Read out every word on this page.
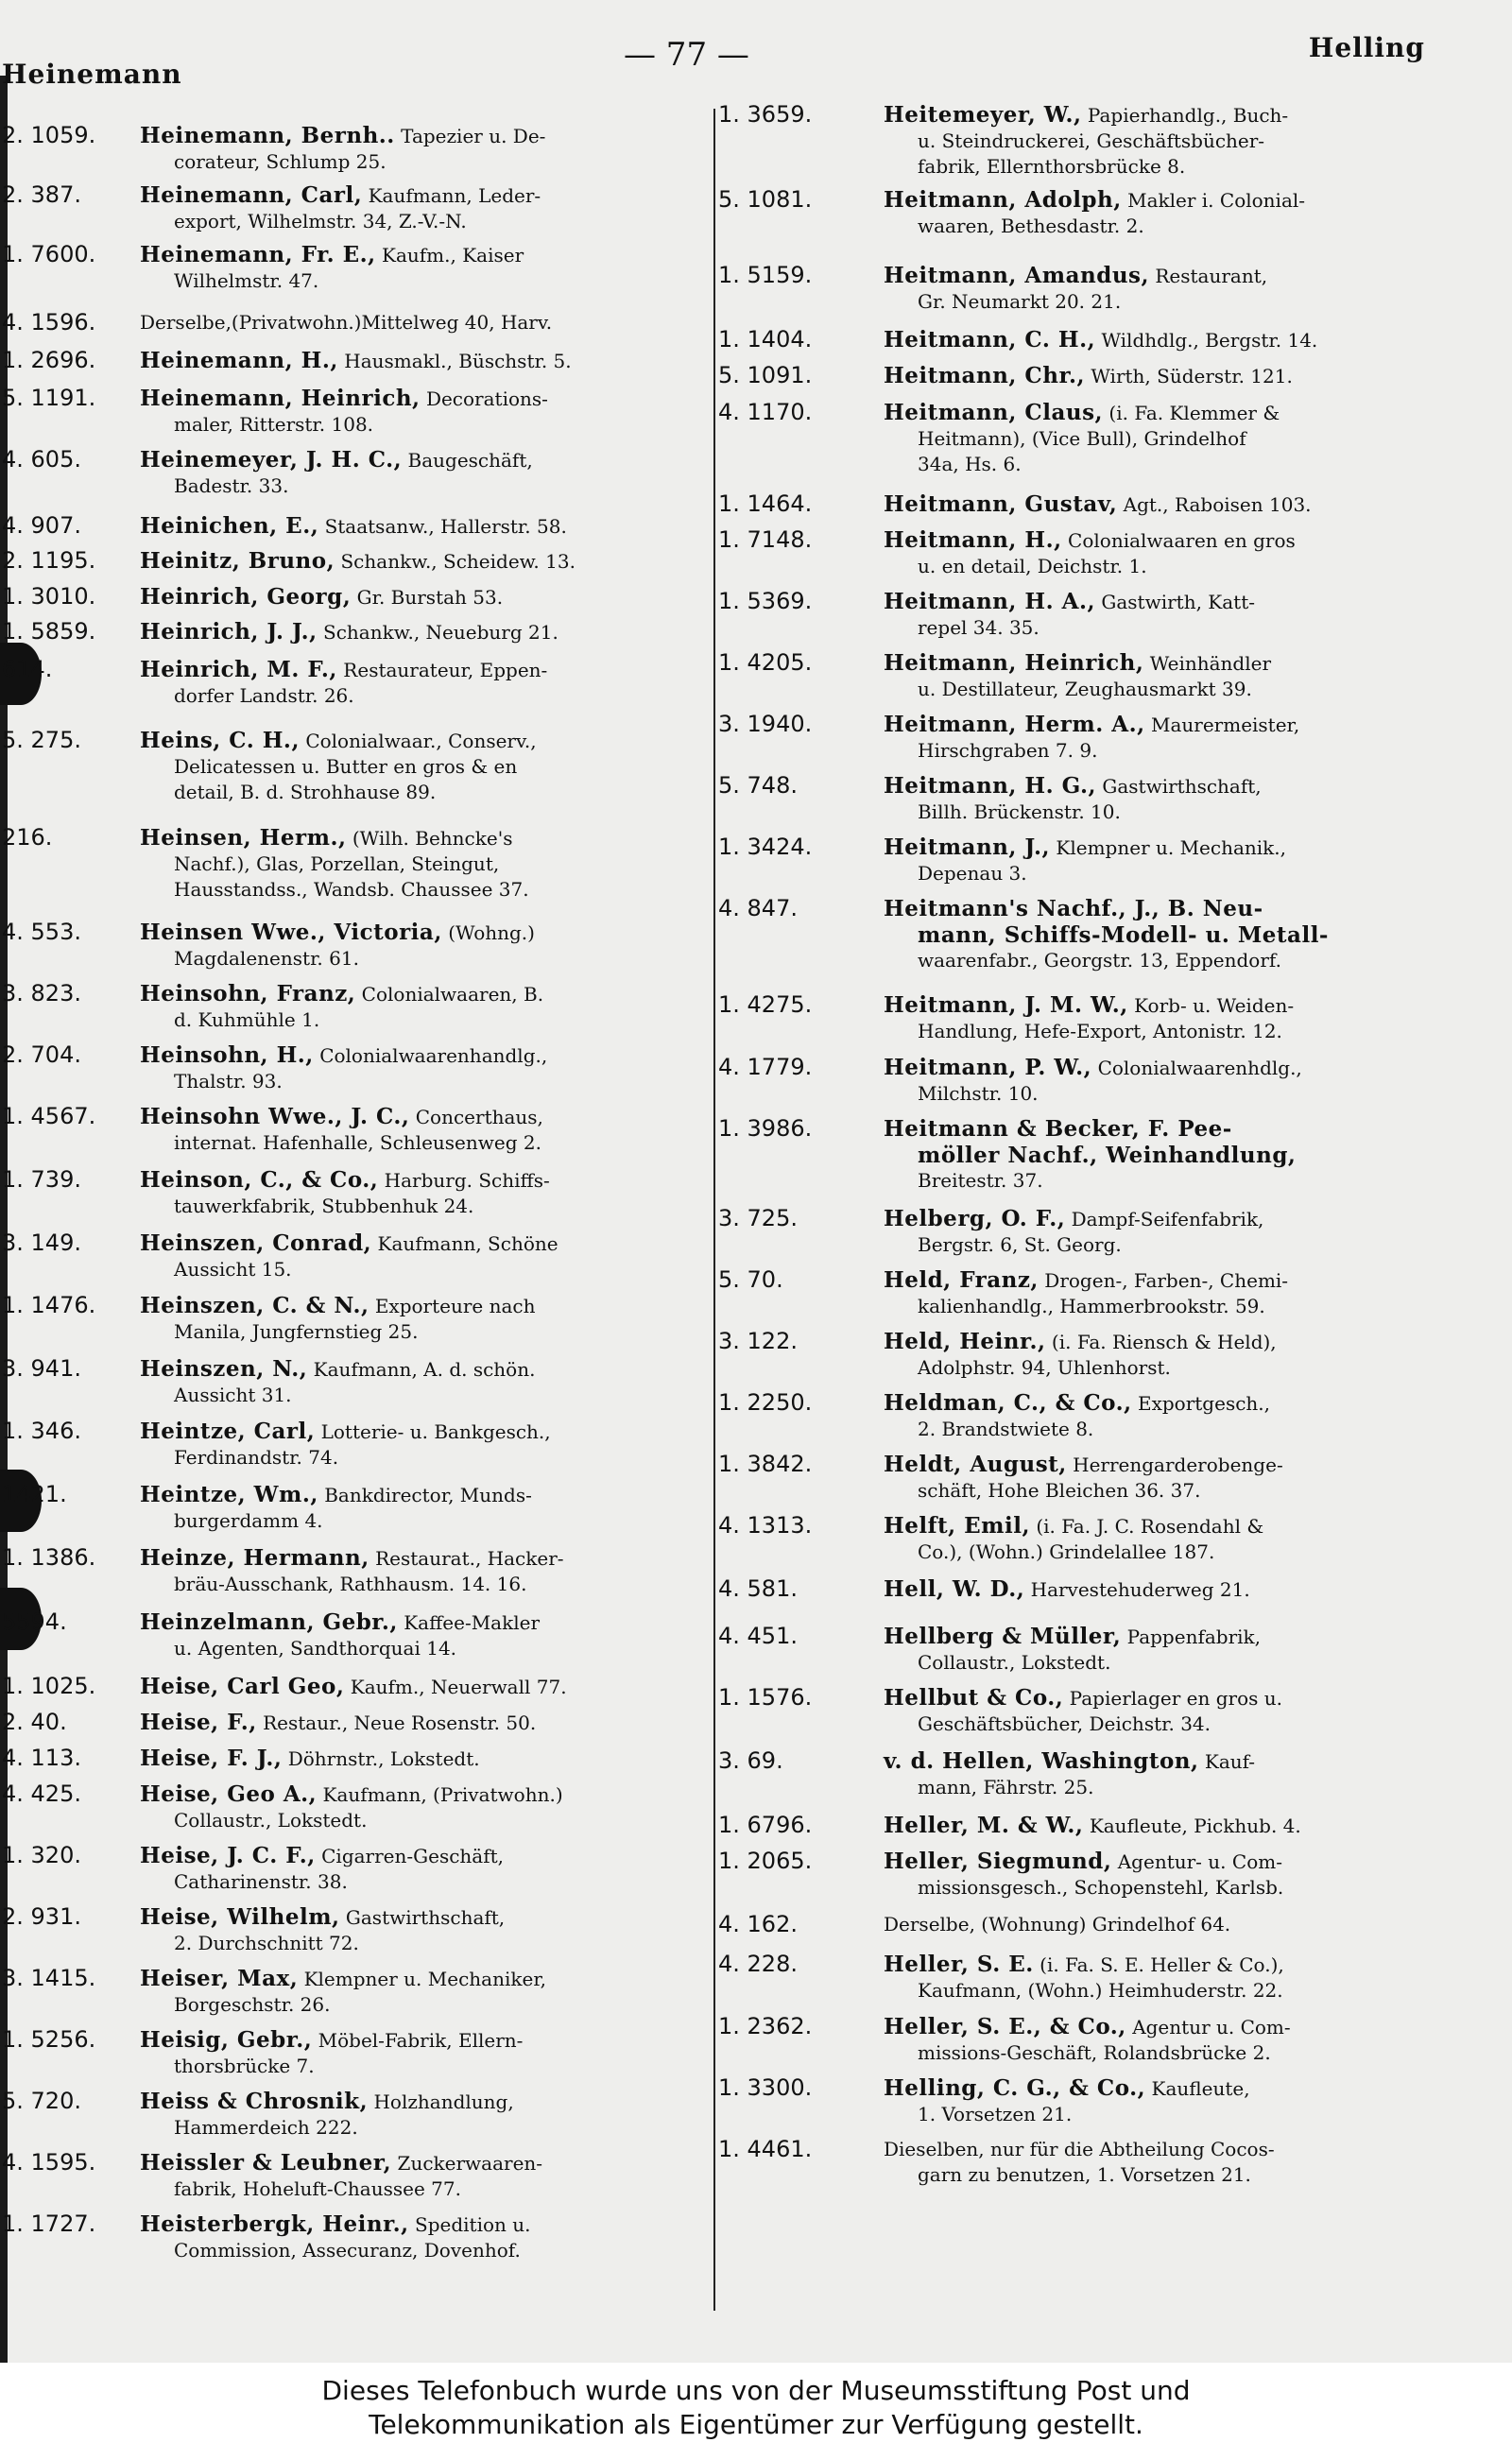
Heinemann
— 77 —	Helling
2. 1059.	Heinemann, Bernh.. Tapezier u. De-
corateur, Schlump 25.
2. 387.	Heinemann, Carl, Kaufmann, Leder-
export, Wilhelmstr. 34, Z.-V.-N.
1. 7600.	Heinemann, Fr. E., Kaufm., Kaiser
Wilhelmstr. 47.
4. 1596.	Derselbe,(Privatwohn.)Mittelweg 40, Harv.
1. 2696.	Heinemann, H., Hausmakl., Büschstr. 5.
5. 1191.	Heinemann, Heinrich, Decorations-
maler, Ritterstr. 108.
4. 605.	Heinemeyer, J. H. C., Baugeschäft,
Badestr. 33.
4. 907.	Heinichen, E., Staatsanw., Hallerstr. 58.
2. 1195.	Heinitz, Bruno, Schankw., Scheidew. 13.
1. 3010.	Heinrich, Georg, Gr. Burstah 53.
1. 5859.	Heinrich, J. J., Schankw., Neueburg 21.
614.	Heinrich, M. F., Restaurateur, Eppen-
dorfer Landstr. 26.
5. 275.	Heins, C. H., Colonialwaar., Conserv.,
Delicatessen u. Butter en gros & en
detail, B. d. Strohhause 89.
216.	Heinsen, Herm., (Wilh. Behncke's
Nachf.), Glas, Porzellan, Steingut,
Hausstandss., Wandsb. Chaussee 37.
4. 553.	Heinsen Wwe., Victoria, (Wohng.)
Magdalenenstr. 61.
3. 823.	Heinsohn, Franz, Colonialwaaren, B.
d. Kuhmühle 1.
2. 704.	Heinsohn, H., Colonialwaarenhandlg.,
Thalstr. 93.
1. 4567.	Heinsohn Wwe., J. C., Concerthaus,
internat. Hafenhalle, Schleusenweg 2.
1. 739.	Heinson, C., & Co., Harburg. Schiffs-
tauwerkfabrik, Stubbenhuk 24.
3. 149.	Heinszen, Conrad, Kaufmann, Schöne
Aussicht 15.
1. 1476.	Heinszen, C. & N., Exporteure nach
Manila, Jungfernstieg 25.
3. 941.	Heinszen, N., Kaufmann, A. d. schön.
Aussicht 31.
1. 346.	Heintze, Carl, Lotterie- u. Bankgesch.,
Ferdinandstr. 74.
1421.	Heintze, Wm., Bankdirector, Munds-
burgerdamm 4.
1. 1386.	Heinze, Hermann, Restaurat., Hacker-
bräu-Ausschank, Rathhausm. 14. 16.
5594.	Heinzelmann, Gebr., Kaffee-Makler
u. Agenten, Sandthorquai 14.
1. 1025.	Heise, Carl Geo, Kaufm., Neuerwall 77.
2. 40.	Heise, F., Restaur., Neue Rosenstr. 50.
4. 113.	Heise, F. J., Döhrnstr., Lokstedt.
4. 425.	Heise, Geo A., Kaufmann, (Privatwohn.)
Collaustr., Lokstedt.
1. 320.	Heise, J. C. F., Cigarren-Geschäft,
Catharinenstr. 38.
2. 931.	Heise, Wilhelm, Gastwirthschaft,
2. Durchschnitt 72.
3. 1415.	Heiser, Max, Klempner u. Mechaniker,
Borgeschstr. 26.
1. 5256.	Heisig, Gebr., Möbel-Fabrik, Ellern-
thorsbrücke 7.
5. 720.	Heiss & Chrosnik, Holzhandlung,
Hammerdeich 222.
4. 1595.	Heissler & Leubner, Zuckerwaaren-
fabrik, Hoheluft-Chaussee 77.
1. 1727.	Heisterbergk, Heinr., Spedition u.
Commission, Assecuranz, Dovenhof.
1. 3659.	Heitemeyer, W., Papierhandlg., Buch-
u. Steindruckerei, Geschäftsbücher-
fabrik, Ellernthorsbrücke 8.
5. 1081.	Heitmann, Adolph, Makler i. Colonial-
waaren, Bethesdastr. 2.
1. 5159.	Heitmann, Amandus, Restaurant,
Gr. Neumarkt 20. 21.
1. 1404.	Heitmann, C. H., Wildhdlg., Bergstr. 14.
5. 1091.	Heitmann, Chr., Wirth, Süderstr. 121.
4. 1170.	Heitmann, Claus, (i. Fa. Klemmer &
Heitmann), (Vice Bull), Grindelhof
34a, Hs. 6.
1. 1464.	Heitmann, Gustav, Agt., Raboisen 103.
1. 7148.	Heitmann, H., Colonialwaaren en gros
u. en detail, Deichstr. 1.
1. 5369.	Heitmann, H. A., Gastwirth, Katt-
repel 34. 35.
1. 4205.	Heitmann, Heinrich, Weinhändler
u. Destillateur, Zeughausmarkt 39.
3. 1940.	Heitmann, Herm. A., Maurermeister,
Hirschgraben 7. 9.
5. 748.	Heitmann, H. G., Gastwirthschaft,
Billh. Brückenstr. 10.
1. 3424.	Heitmann, J., Klempner u. Mechanik.,
Depenau 3.
4. 847.	Heitmann's Nachf., J., B. Neu-
mann, Schiffs-Modell- u. Metall-
waarenfabr., Georgstr. 13, Eppendorf.
1. 4275.	Heitmann, J. M. W., Korb- u. Weiden-
Handlung, Hefe-Export, Antonistr. 12.
4. 1779.	Heitmann, P. W., Colonialwaarenhdlg.,
Milchstr. 10.
1. 3986.	Heitmann & Becker, F. Pee-
möller Nachf., Weinhandlung,
Breitestr. 37.
3. 725.	Helberg, O. F., Dampf-Seifenfabrik,
Bergstr. 6, St. Georg.
5. 70.	Held, Franz, Drogen-, Farben-, Chemi-
kalienhandlg., Hammerbrookstr. 59.
3. 122.	Held, Heinr., (i. Fa. Riensch & Held),
Adolphstr. 94, Uhlenhorst.
1. 2250.	Heldman, C., & Co., Exportgesch.,
2. Brandstwiete 8.
1. 3842.	Heldt, August, Herrengarderobenge-
schäft, Hohe Bleichen 36. 37.
4. 1313.	Helft, Emil, (i. Fa. J. C. Rosendahl &
Co.), (Wohn.) Grindelallee 187.
4. 581.	Hell, W. D., Harvestehuderweg 21.
4. 451.	Hellberg & Müller, Pappenfabrik,
Collaustr., Lokstedt.
1. 1576.	Hellbut & Co., Papierlager en gros u.
Geschäftsbücher, Deichstr. 34.
3. 69.	v. d. Hellen, Washington, Kauf-
mann, Fährstr. 25.
1. 6796.	Heller, M. & W., Kaufleute, Pickhub. 4.
1. 2065.	Heller, Siegmund, Agentur- u. Com-
missionsgesch., Schopenstehl, Karlsb.
4. 162.	Derselbe, (Wohnung) Grindelhof 64.
4. 228.	Heller, S. E. (i. Fa. S. E. Heller & Co.),
Kaufmann, (Wohn.) Heimhuderstr. 22.
1. 2362.	Heller, S. E., & Co., Agentur u. Com-
missions-Geschäft, Rolandsbrücke 2.
1. 3300.	Helling, C. G., & Co., Kaufleute,
1. Vorsetzen 21.
1. 4461.	Dieselben, nur für die Abtheilung Cocos-
garn zu benutzen, 1. Vorsetzen 21.
Dieses Telefonbuch wurde uns von der Museumsstiftung Post und
Telekommunikation als Eigentümer zur Verfügung gestellt.
